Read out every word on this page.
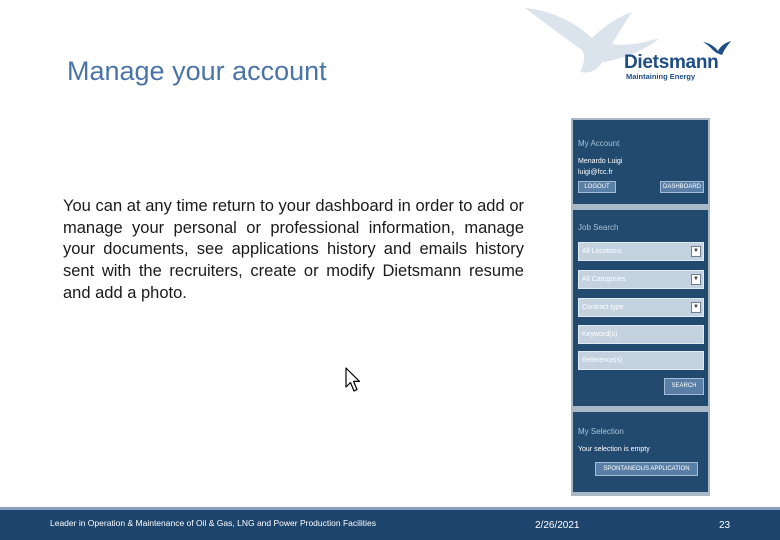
Dietsmann
Maintaining Energy
Manage your account
You can at any time return to your dashboard in order to add or manage your personal or professional information, manage your documents, see applications history and emails history sent with the recruiters, create or modify Dietsmann resume and add a photo.
My Account
Menardo Luigi
luigi@fcc.fr
LOGOUT	DASHBOARD
Job Search
All Locations	▼
All Categories	▼
Contract type	▼
Keyword(s)
Reference(s)
SEARCH
My Selection
Your selection is empty
SPONTANEOUS APPLICATION
Leader in Operation & Maintenance of Oil & Gas, LNG and Power Production Facilities	2/26/2021	23
